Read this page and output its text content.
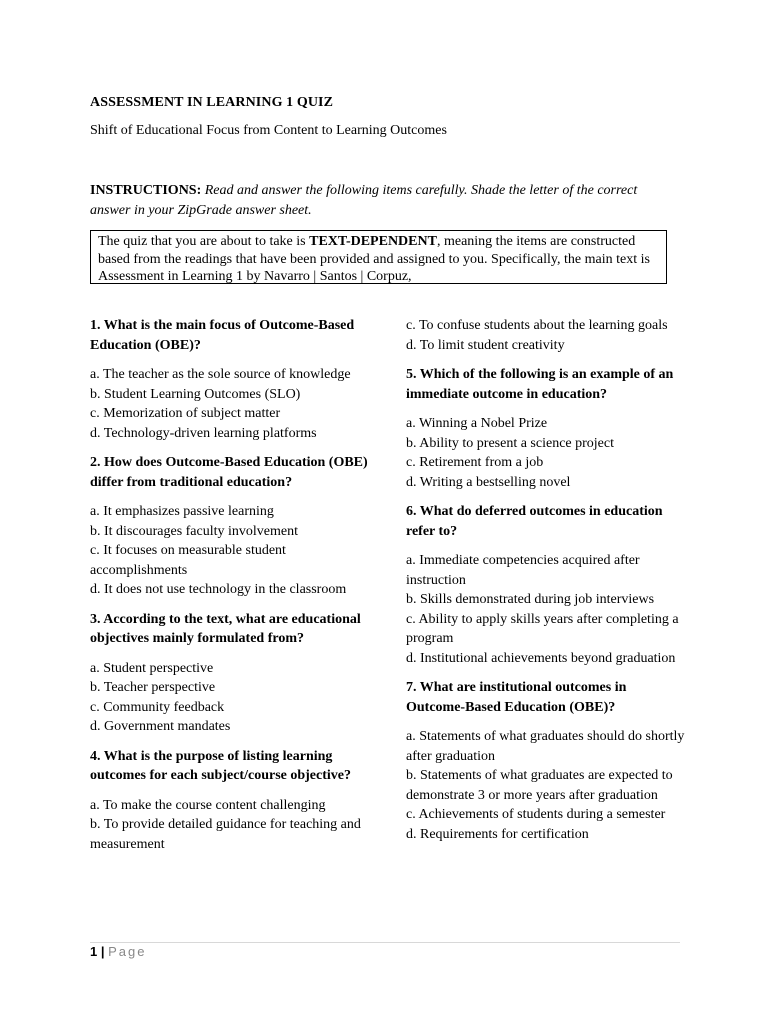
ASSESSMENT IN LEARNING 1 QUIZ
Shift of Educational Focus from Content to Learning Outcomes
INSTRUCTIONS: Read and answer the following items carefully. Shade the letter of the correct answer in your ZipGrade answer sheet.
The quiz that you are about to take is TEXT-DEPENDENT, meaning the items are constructed based from the readings that have been provided and assigned to you. Specifically, the main text is Assessment in Learning 1 by Navarro | Santos | Corpuz,
1. What is the main focus of Outcome-Based Education (OBE)?
a. The teacher as the sole source of knowledge
b. Student Learning Outcomes (SLO)
c. Memorization of subject matter
d. Technology-driven learning platforms
2. How does Outcome-Based Education (OBE) differ from traditional education?
a. It emphasizes passive learning
b. It discourages faculty involvement
c. It focuses on measurable student accomplishments
d. It does not use technology in the classroom
3. According to the text, what are educational objectives mainly formulated from?
a. Student perspective
b. Teacher perspective
c. Community feedback
d. Government mandates
4. What is the purpose of listing learning outcomes for each subject/course objective?
a. To make the course content challenging
b. To provide detailed guidance for teaching and measurement
c. To confuse students about the learning goals
d. To limit student creativity
5. Which of the following is an example of an immediate outcome in education?
a. Winning a Nobel Prize
b. Ability to present a science project
c. Retirement from a job
d. Writing a bestselling novel
6. What do deferred outcomes in education refer to?
a. Immediate competencies acquired after instruction
b. Skills demonstrated during job interviews
c. Ability to apply skills years after completing a program
d. Institutional achievements beyond graduation
7. What are institutional outcomes in Outcome-Based Education (OBE)?
a. Statements of what graduates should do shortly after graduation
b. Statements of what graduates are expected to demonstrate 3 or more years after graduation
c. Achievements of students during a semester
d. Requirements for certification
1 | Page
